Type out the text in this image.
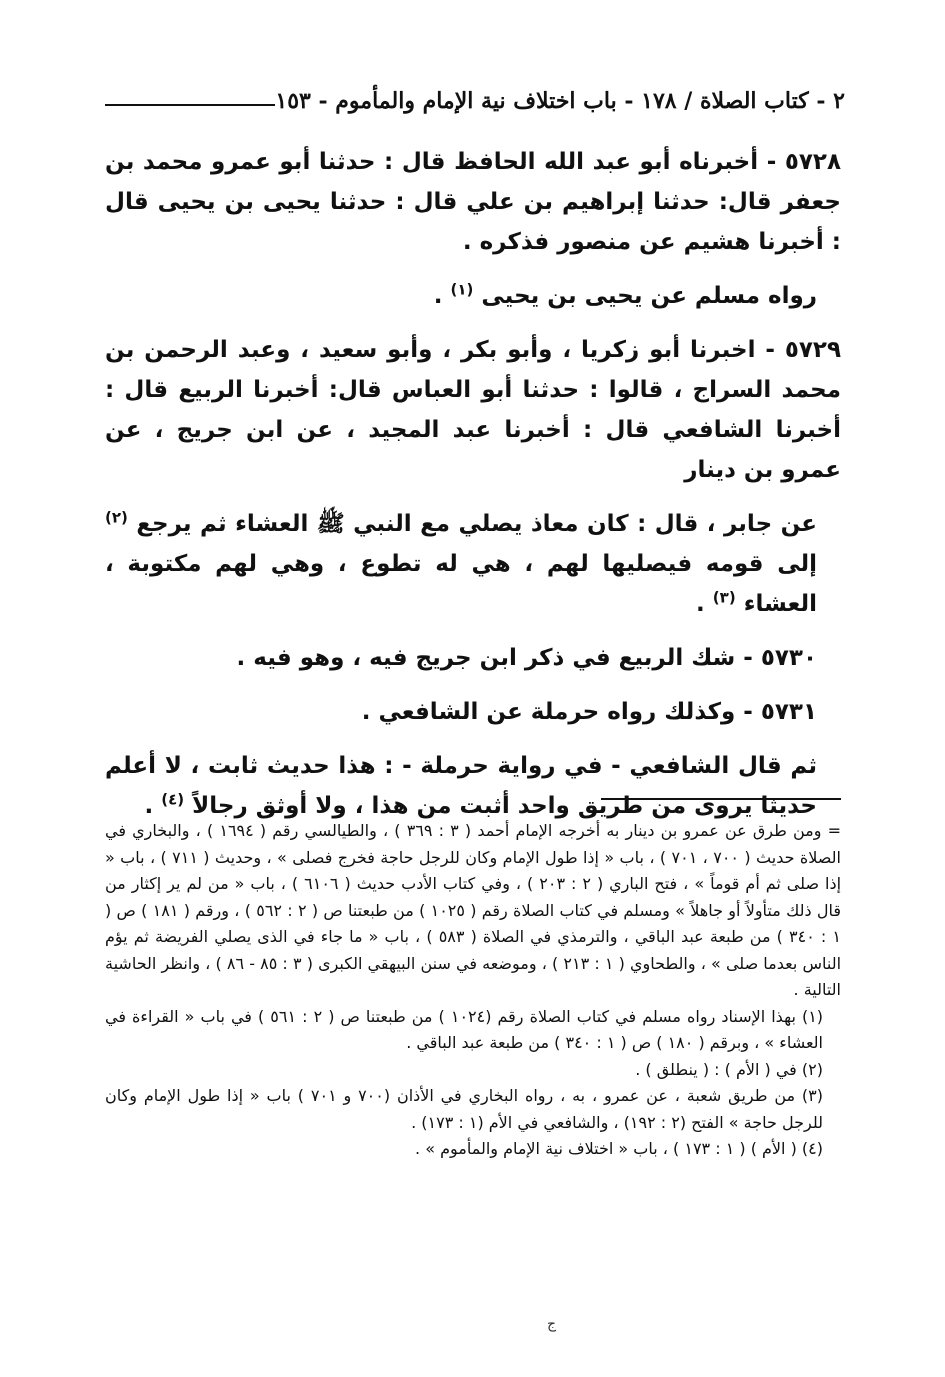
٢ - كتاب الصلاة / ١٧٨ - باب اختلاف نية الإمام والمأموم - ١٥٣

٥٧٢٨ - أخبرناه أبو عبد الله الحافظ قال : حدثنا أبو عمرو محمد بن جعفر قال: حدثنا إبراهيم بن علي قال : حدثنا يحيى بن يحيى قال : أخبرنا هشيم عن منصور فذكره .

رواه مسلم عن يحيى بن يحيى $^{(١)}$ .

٥٧٢٩ - اخبرنا أبو زكريا ، وأبو بكر ، وأبو سعيد ، وعبد الرحمن بن محمد السراج ، قالوا : حدثنا أبو العباس قال: أخبرنا الربيع قال : أخبرنا الشافعي قال : أخبرنا عبد المجيد ، عن ابن جريج ، عن عمرو بن دينار

عن جابر ، قال : كان معاذ يصلي مع النبي ﷺ العشاء ثم يرجع $^{(٢)}$ إلى قومه فيصليها لهم ، هي له تطوع ، وهي لهم مكتوبة ، العشاء $^{(٣)}$ .

٥٧٣٠ - شك الربيع في ذكر ابن جريج فيه ، وهو فيه .

٥٧٣١ - وكذلك رواه حرملة عن الشافعي .

ثم قال الشافعي - في رواية حرملة - : هذا حديث ثابت ، لا أعلم حديثا يروى من طريق واحد أثبت من هذا ، ولا أوثق رجالاً $^{(٤)}$ .

= ومن طرق عن عمرو بن دينار به أخرجه الإمام أحمد ( ٣ : ٣٦٩ ) ، والطيالسي رقم ( ١٦٩٤ ) ، والبخاري في الصلاة حديث ( ٧٠٠ ، ٧٠١ ) ، باب « إذا طول الإمام وكان للرجل حاجة فخرج فصلى » ، وحديث ( ٧١١ ) ، باب « إذا صلى ثم أم قوماً » ، فتح الباري ( ٢ : ٢٠٣ ) ، وفي كتاب الأدب حديث ( ٦١٠٦ ) ، باب « من لم ير إكثار من قال ذلك متأولاً أو جاهلاً » ومسلم في كتاب الصلاة رقم ( ١٠٢٥ ) من طبعتنا ص ( ٢ : ٥٦٢ ) ، ورقم ( ١٨١ ) ص ( ١ : ٣٤٠ ) من طبعة عبد الباقي ، والترمذي في الصلاة ( ٥٨٣ ) ، باب « ما جاء في الذى يصلي الفريضة ثم يؤم الناس بعدما صلى » ، والطحاوي ( ١ : ٢١٣ ) ، وموضعه في سنن البيهقي الكبرى ( ٣ : ٨٥ - ٨٦ ) ، وانظر الحاشية التالية .

(١) بهذا الإسناد رواه مسلم في كتاب الصلاة رقم (١٠٢٤ ) من طبعتنا ص ( ٢ : ٥٦١ ) في باب « القراءة في العشاء » ، وبرقم ( ١٨٠ ) ص ( ١ : ٣٤٠ ) من طبعة عبد الباقي .

(٢) في ( الأم ) : ( ينطلق ) .

(٣) من طريق شعبة ، عن عمرو ، به ، رواه البخاري في الأذان (٧٠٠ و ٧٠١ ) باب « إذا طول الإمام وكان للرجل حاجة » الفتح (٢ : ١٩٢) ، والشافعي في الأم (١ : ١٧٣) .

(٤) ( الأم ) ( ١ : ١٧٣ ) ، باب « اختلاف نية الإمام والمأموم » .

ج
